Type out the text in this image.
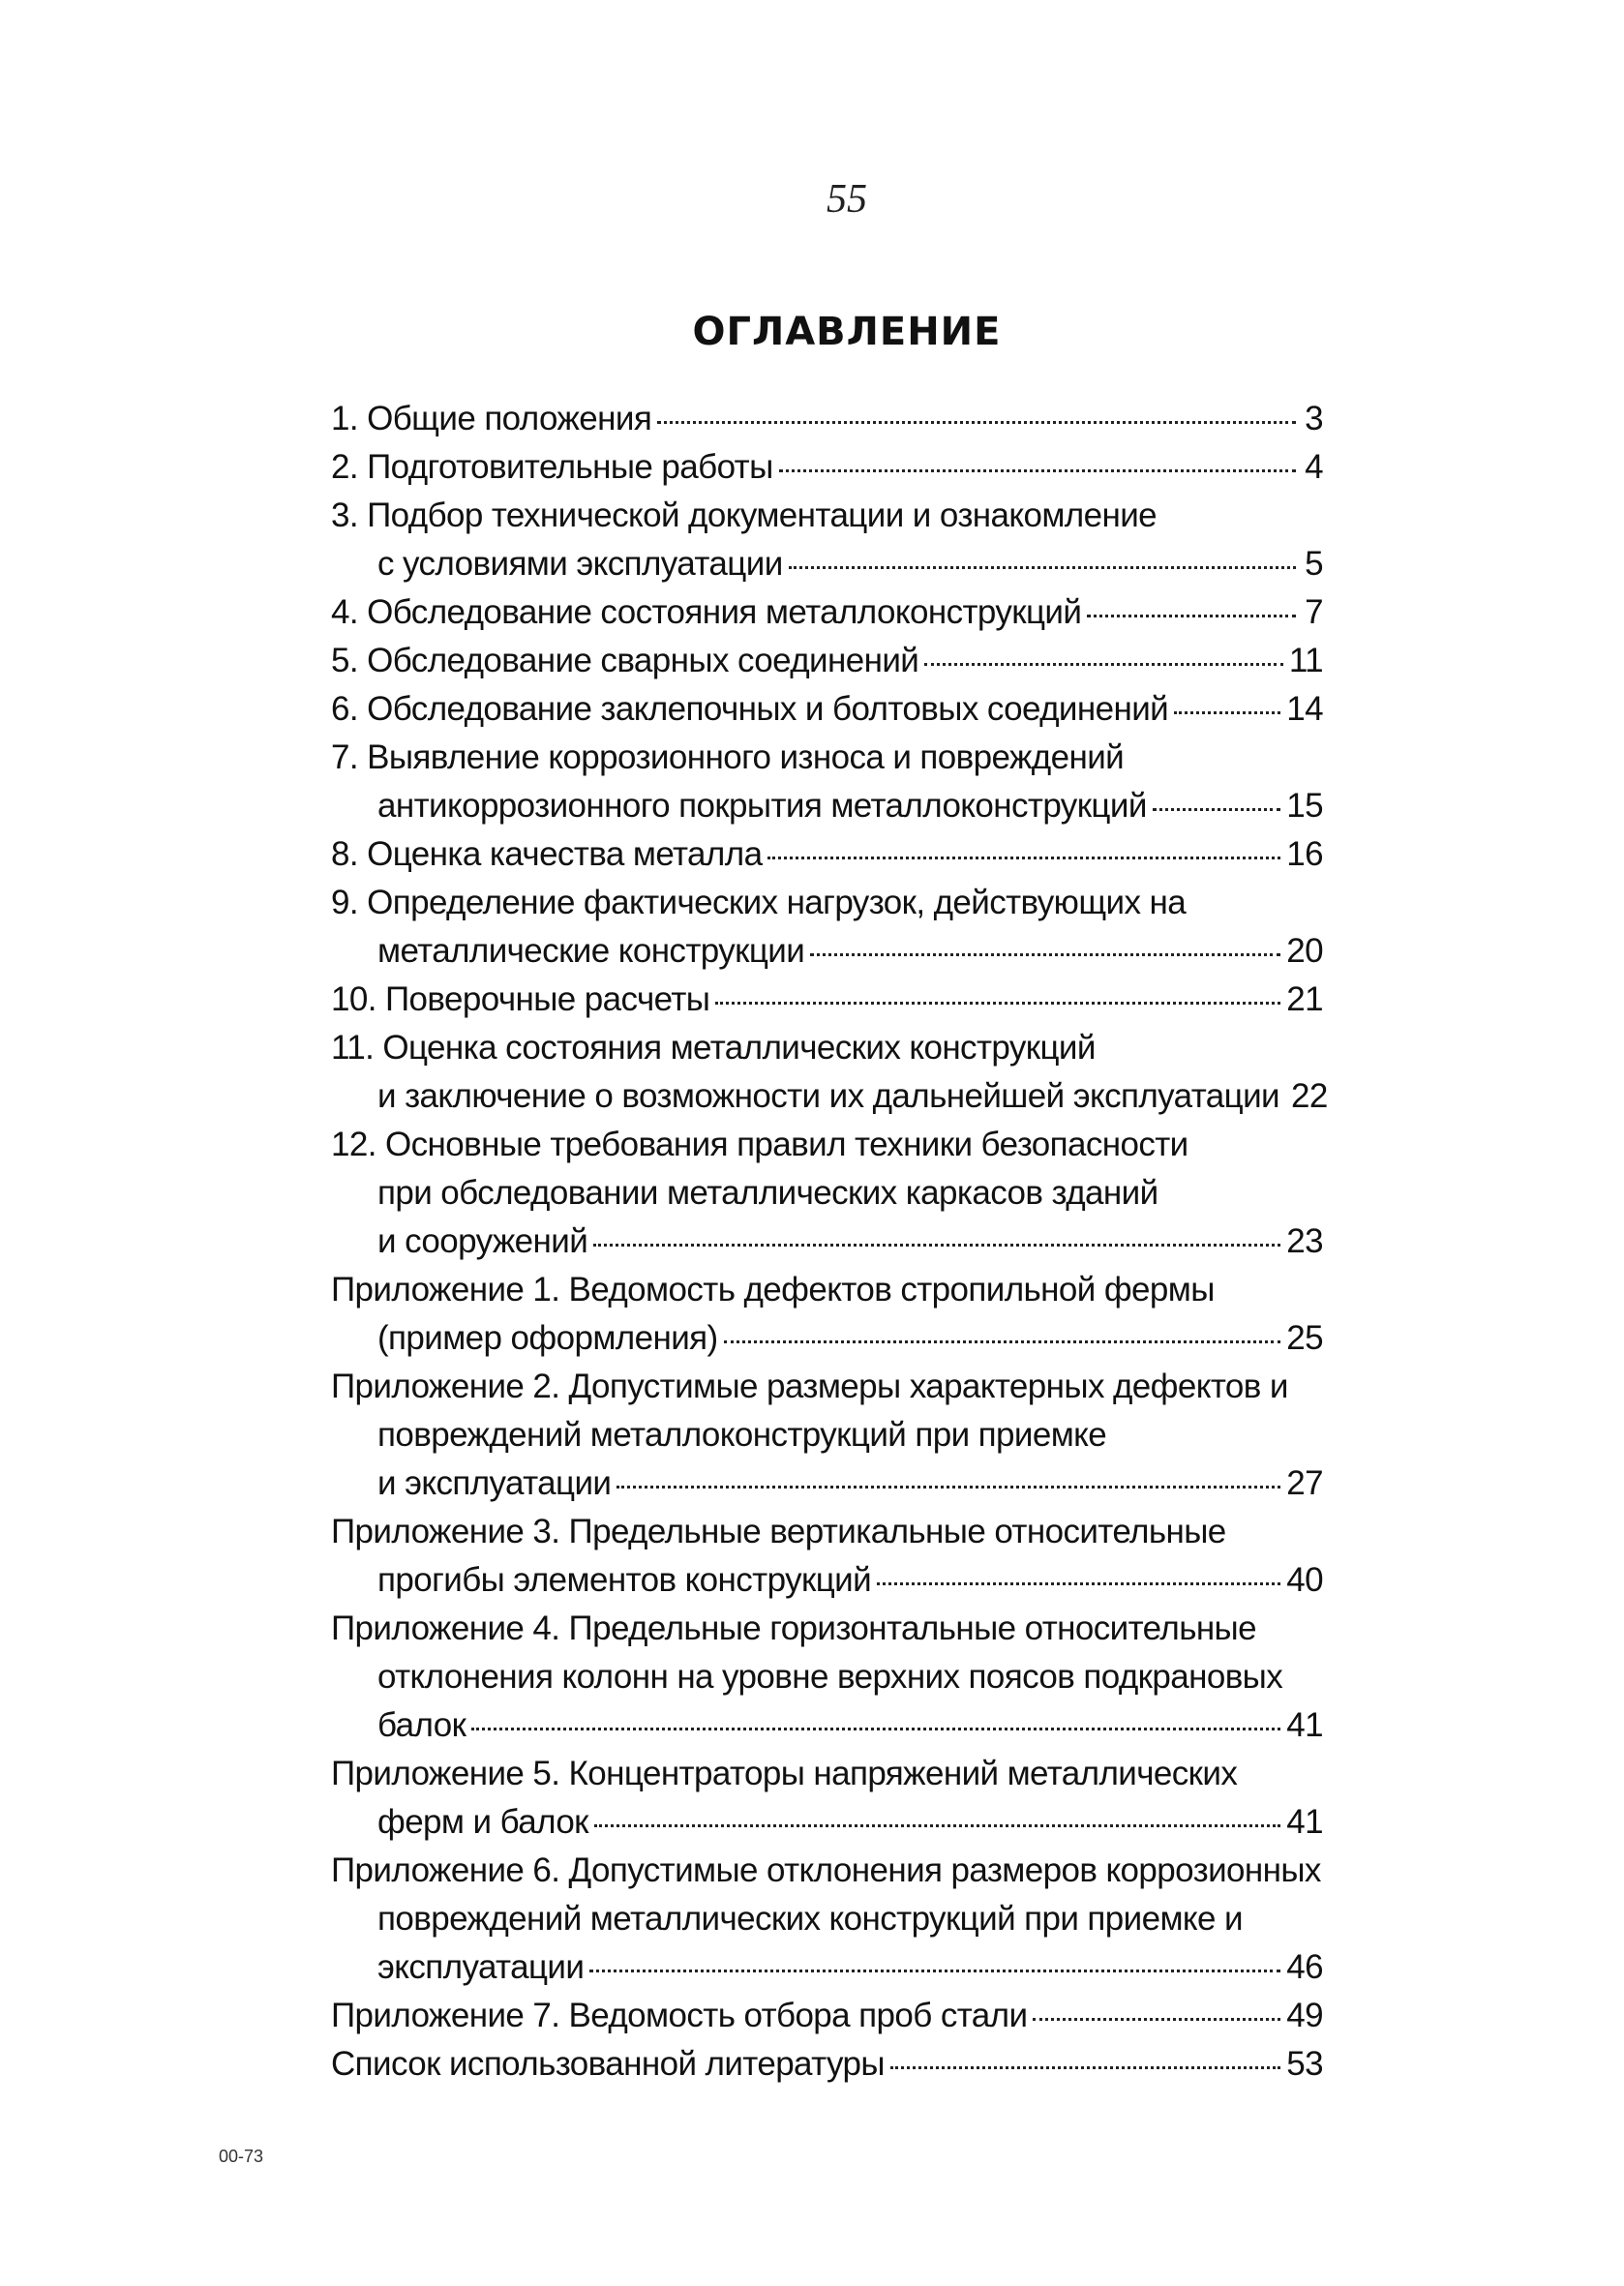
55
ОГЛАВЛЕНИЕ
1. Общие положения	3
2. Подготовительные работы	4
3. Подбор технической документации и ознакомление
с условиями эксплуатации	5
4. Обследование состояния металлоконструкций	7
5. Обследование сварных соединений	11
6. Обследование заклепочных и болтовых соединений	14
7. Выявление коррозионного износа и повреждений
антикоррозионного покрытия металлоконструкций	15
8. Оценка качества металла	16
9. Определение фактических нагрузок, действующих на
металлические конструкции	20
10. Поверочные расчеты	21
11. Оценка состояния металлических конструкций
и заключение о возможности их дальнейшей эксплуатации 22
12. Основные требования правил техники безопасности
при обследовании металлических каркасов зданий
и сооружений	23
Приложение 1. Ведомость дефектов стропильной фермы
(пример оформления)	25
Приложение 2. Допустимые размеры характерных дефектов и
повреждений металлоконструкций при приемке
и эксплуатации	27
Приложение 3. Предельные вертикальные относительные
прогибы элементов конструкций	40
Приложение 4. Предельные горизонтальные относительные
отклонения колонн на уровне верхних поясов подкрановых
балок	41
Приложение 5. Концентраторы напряжений металлических
ферм и балок	41
Приложение 6. Допустимые отклонения размеров коррозионных
повреждений металлических конструкций при приемке и
эксплуатации	46
Приложение 7. Ведомость отбора проб стали	49
Список использованной литературы	53
00-73
